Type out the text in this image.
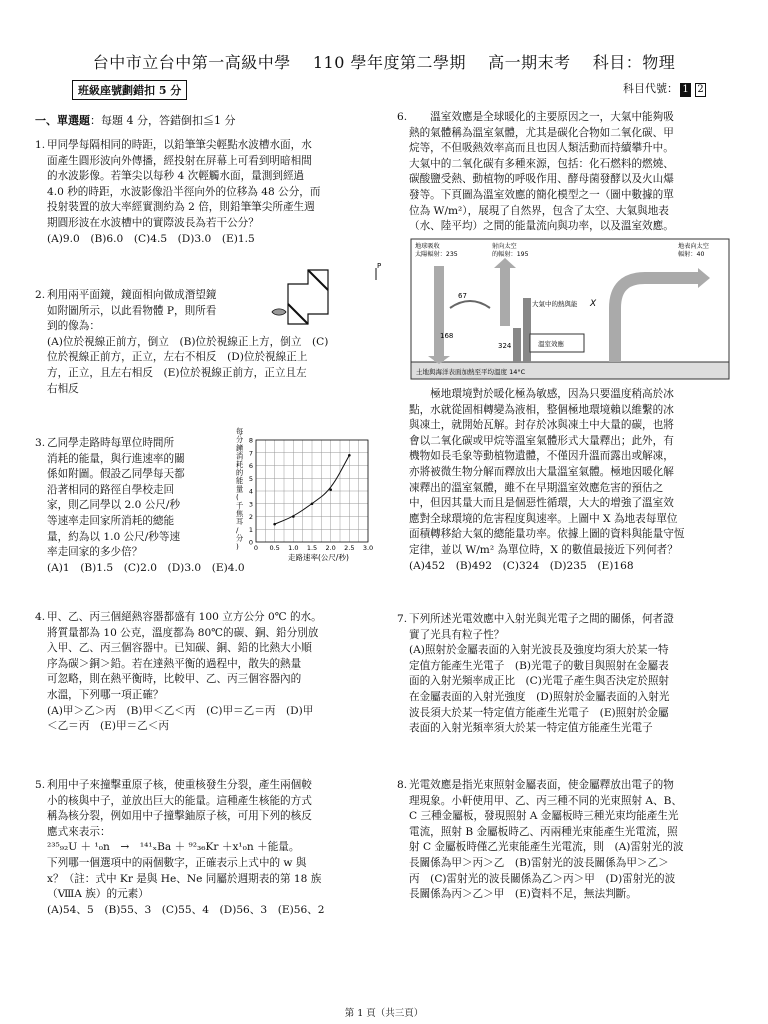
台中市立台中第一高級中學　 110 學年度第二學期　 高一期末考　 科目：物理
班級座號劃錯扣 5 分	科目代號： 1 2
一、單選題：每題 4 分，答錯倒扣≦1 分
1. 甲同學每隔相同的時距，以鉛筆筆尖輕點水波槽水面，水

面產生圓形波向外傳播，經投射在屏幕上可看到明暗相間

的水波影像。若筆尖以每秒 4 次輕觸水面，量測到經過

4.0 秒的時距，水波影像沿半徑向外的位移為 48 公分，而

投射裝置的放大率經實測約為 2 倍，則鉛筆筆尖所產生週

期圓形波在水波槽中的實際波長為若干公分？

(A)9.0　(B)6.0　(C)4.5　(D)3.0　(E)1.5

2. 利用兩平面鏡，鏡面相向做成潛望鏡

如附圖所示，以此看物體 P，則所看

到的像為：

(A)位於視線正前方，倒立　(B)位於視線正上方，倒立　(C)

位於視線正前方，正立，左右不相反　(D)位於視線正上

方，正立，且左右相反　(E)位於視線正前方，正立且左

右相反

P
3. 乙同學走路時每單位時間所

消耗的能量，與行進速率的關

係如附圖。假設乙同學每天都

沿著相同的路徑自學校走回

家，則乙同學以 2.0 公尺/秒

等速率走回家所消耗的總能

量，約為以 1.0 公尺/秒等速

率走回家的多少倍？

(A)1　(B)1.5　(C)2.0　(D)3.0　(E)4.0

每分鐘消耗的能量(千焦耳/分)	0
1
2
3
4
5
6
7
8
0 0.5 1.0 1.5 2.0 2.5 3.0
走路速率(公尺/秒)
4. 甲、乙、丙三個絕熱容器都盛有 100 立方公分 0℃ 的水。

將質量都為 10 公克，溫度都為 80℃的碳、銅、鉛分別放

入甲、乙、丙三個容器中。已知碳、銅、鉛的比熱大小順

序為碳＞銅＞鉛。若在達熱平衡的過程中，散失的熱量

可忽略，則在熱平衡時，比較甲、乙、丙三個容器內的

水溫，下列哪一項正確？

(A)甲＞乙＞丙　(B)甲＜乙＜丙　(C)甲＝乙＝丙　(D)甲

＜乙＝丙　(E)甲＝乙＜丙

5. 利用中子來撞擊重原子核，使重核發生分裂，產生兩個較

小的核與中子，並放出巨大的能量。這種產生核能的方式

稱為核分裂，例如用中子撞擊鈾原子核，可用下列的核反

應式來表示：

²³⁵₉₂U ＋ ¹₀n　→　¹⁴¹ₓBa ＋ ⁹²₃₆Kr ＋x¹₀n ＋能量。

下列哪一個選項中的兩個數字，正確表示上式中的 w 與

x？（註：式中 Kr 是與 He、Ne 同屬於週期表的第 18 族

（ⅧA 族）的元素）

(A)54、5　(B)55、3　(C)55、4　(D)56、3　(E)56、2

6. 　　溫室效應是全球暖化的主要原因之一，大氣中能夠吸

熱的氣體稱為溫室氣體，尤其是碳化合物如二氧化碳、甲

烷等，不但吸熱效率高而且也因人類活動而持續攀升中。

大氣中的二氧化碳有多種來源，包括：化石燃料的燃燒、

碳酸鹽受熱、動植物的呼吸作用、酵母菌發酵以及火山爆

發等。下頁圖為溫室效應的簡化模型之一（圖中數據的單

位為 W/m²），展現了自然界，包含了太空、大氣與地表

（水、陸平均）之間的能量流向與功率，以及溫室效應。

地球吸收太陽輻射：235
射向太空的輻射：195
地表向太空輻射：40
67
168
324
大氣中的熱與能
溫室效應
X
土地與海洋表面加熱至平均溫度 14°C

　　極地環境對於暖化極為敏感，因為只要溫度稍高於冰

點，水就從固相轉變為液相，整個極地環境賴以維繫的冰

與凍土，就開始瓦解。封存於冰與凍土中大量的碳，也將

會以二氧化碳或甲烷等溫室氣體形式大量釋出；此外，有

機物如長毛象等動植物遺體，不僅因升溫而露出或解凍，

亦將被微生物分解而釋放出大量溫室氣體。極地因暖化解

凍釋出的溫室氣體，雖不在早期溫室效應危害的預估之

中，但因其量大而且是個惡性循環，大大的增強了溫室效

應對全球環境的危害程度與速率。上圖中 X 為地表每單位

面積轉移給大氣的總能量功率。依據上圖的資料與能量守恆

定律，並以 W/m² 為單位時，X 的數值最接近下列何者？

(A)452　(B)492　(C)324　(D)235　(E)168

7. 下列所述光電效應中入射光與光電子之間的關係，何者證

實了光具有粒子性？

(A)照射於金屬表面的入射光波長及強度均須大於某一特

定值方能產生光電子　(B)光電子的數目與照射在金屬表

面的入射光頻率成正比　(C)光電子產生與否決定於照射

在金屬表面的入射光強度　(D)照射於金屬表面的入射光

波長須大於某一特定值方能產生光電子　(E)照射於金屬

表面的入射光頻率須大於某一特定值方能產生光電子

8. 光電效應是指光束照射金屬表面，使金屬釋放出電子的物

理現象。小軒使用甲、乙、丙三種不同的光束照射 A、B、

C 三種金屬板，發現照射 A 金屬板時三種光束均能產生光

電流，照射 B 金屬板時乙、丙兩種光束能產生光電流，照

射 C 金屬板時僅乙光束能產生光電流，則　(A)雷射光的波

長關係為甲＞丙＞乙　(B)雷射光的波長關係為甲＞乙＞

丙　(C)雷射光的波長關係為乙＞丙＞甲　(D)雷射光的波

長關係為丙＞乙＞甲　(E)資料不足，無法判斷。

第 1 頁（共三頁）
